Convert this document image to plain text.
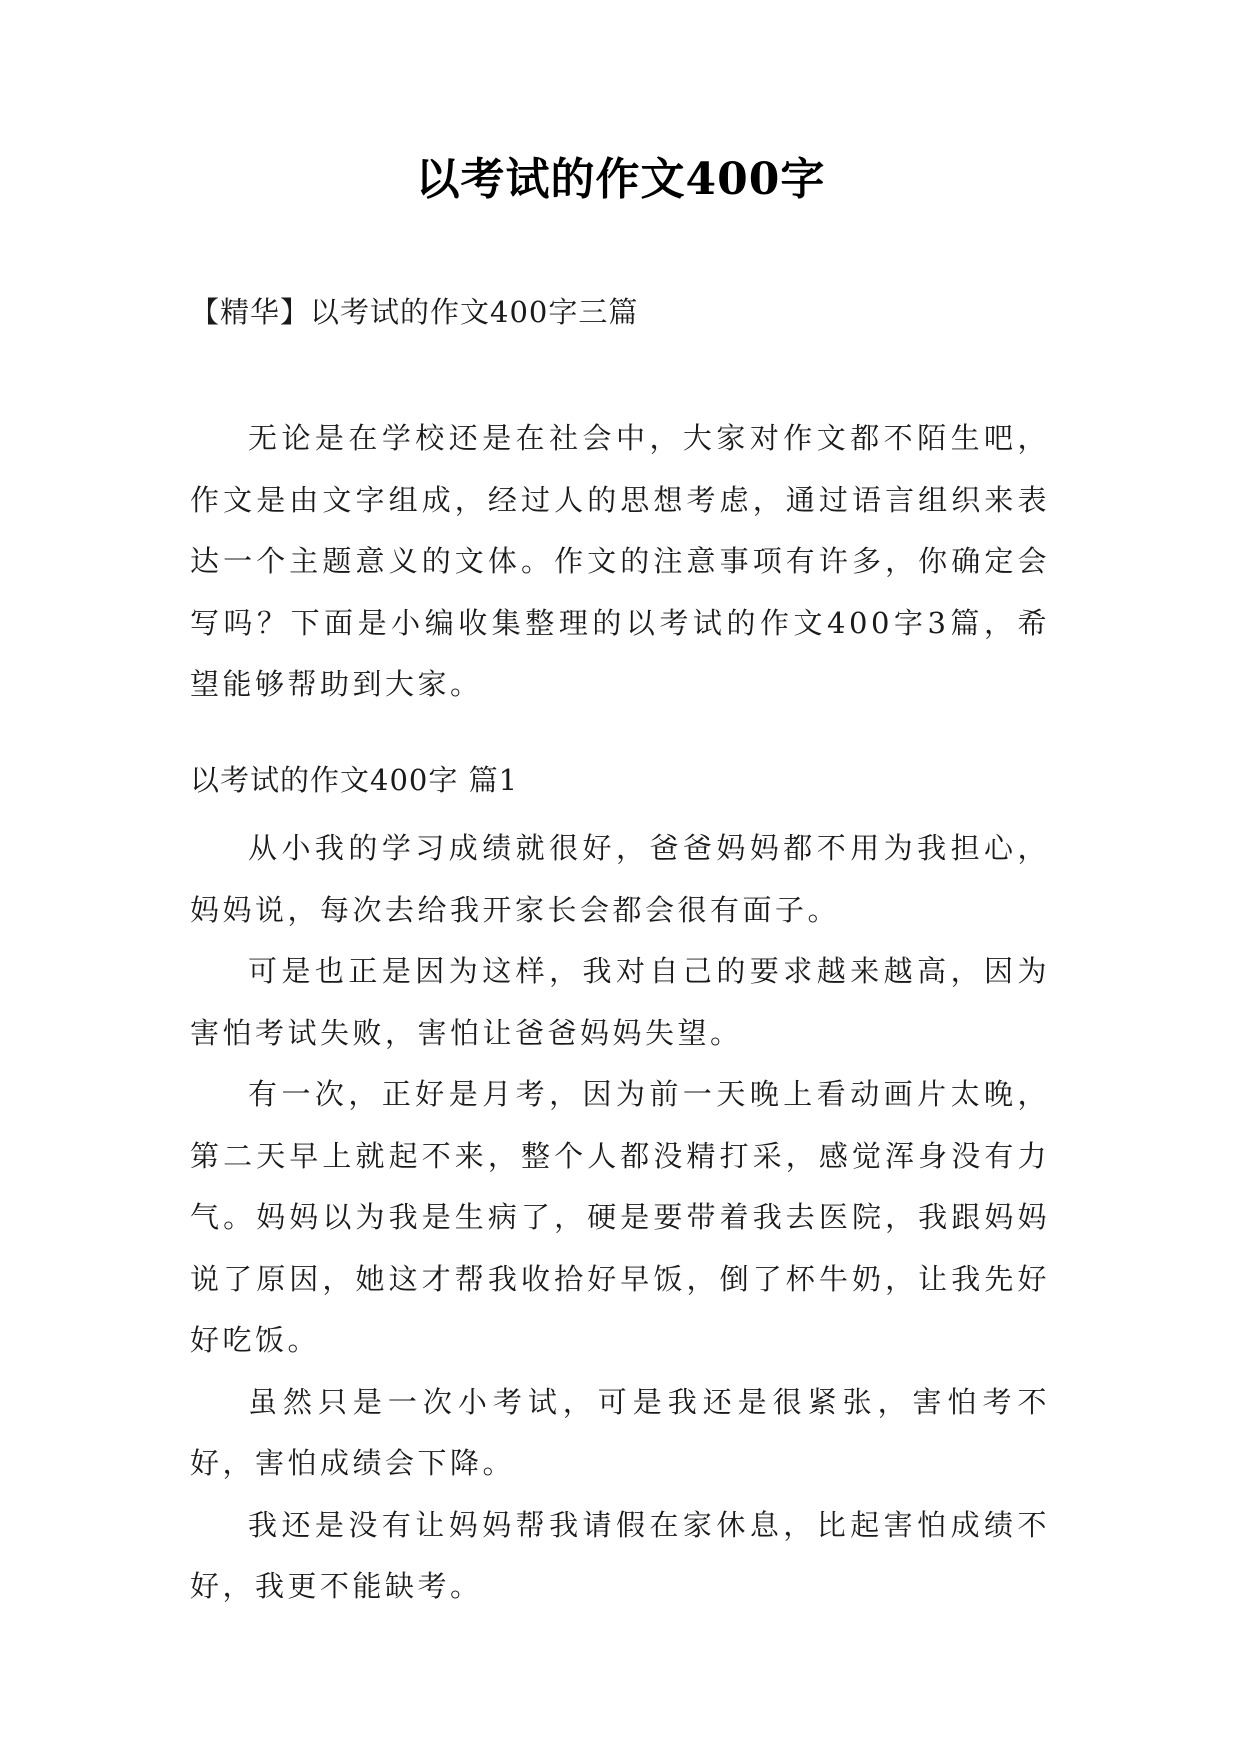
以考试的作文400字
【精华】以考试的作文400字三篇

无论是在学校还是在社会中，大家对作文都不陌生吧，作文是由文字组成，经过人的思想考虑，通过语言组织来表达一个主题意义的文体。作文的注意事项有许多，你确定会写吗？下面是小编收集整理的以考试的作文400字3篇，希望能够帮助到大家。

以考试的作文400字 篇1

从小我的学习成绩就很好，爸爸妈妈都不用为我担心，妈妈说，每次去给我开家长会都会很有面子。

可是也正是因为这样，我对自己的要求越来越高，因为害怕考试失败，害怕让爸爸妈妈失望。

有一次，正好是月考，因为前一天晚上看动画片太晚，第二天早上就起不来，整个人都没精打采，感觉浑身没有力气。妈妈以为我是生病了，硬是要带着我去医院，我跟妈妈说了原因，她这才帮我收拾好早饭，倒了杯牛奶，让我先好好吃饭。

虽然只是一次小考试，可是我还是很紧张，害怕考不好，害怕成绩会下降。

我还是没有让妈妈帮我请假在家休息，比起害怕成绩不好，我更不能缺考。
